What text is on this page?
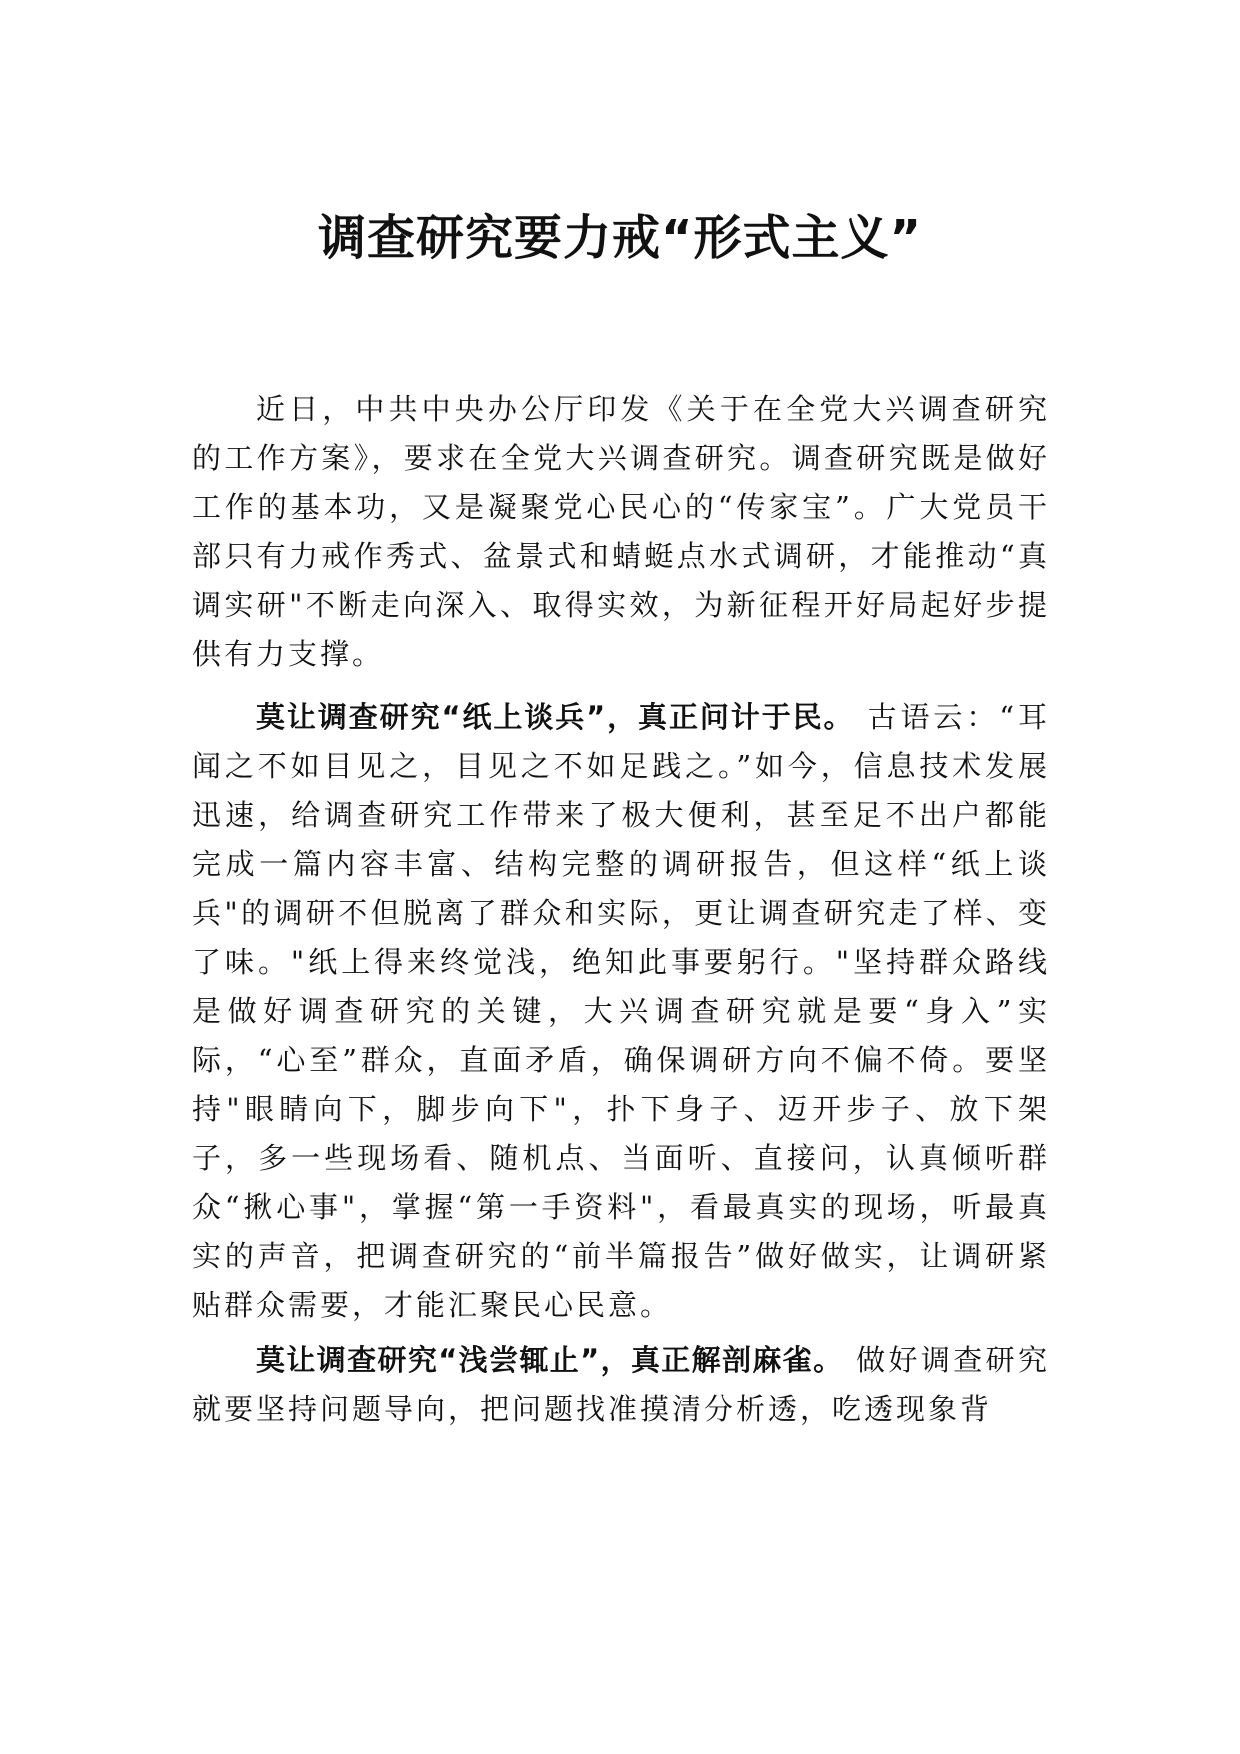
调查研究要力戒“形式主义”

近日，中共中央办公厅印发《关于在全党大兴调查研究的工作方案》，要求在全党大兴调查研究。调查研究既是做好工作的基本功，又是凝聚党心民心的“传家宝”。广大党员干部只有力戒作秀式、盆景式和蜻蜓点水式调研，才能推动“真调实研"不断走向深入、取得实效，为新征程开好局起好步提供有力支撑。

莫让调查研究“纸上谈兵”，真正问计于民。 古语云：“耳闻之不如目见之，目见之不如足践之。”如今，信息技术发展迅速，给调查研究工作带来了极大便利，甚至足不出户都能完成一篇内容丰富、结构完整的调研报告，但这样“纸上谈兵"的调研不但脱离了群众和实际，更让调查研究走了样、变了味。"纸上得来终觉浅，绝知此事要躬行。"坚持群众路线是做好调查研究的关键，大兴调查研究就是要“身入”实际，“心至”群众，直面矛盾，确保调研方向不偏不倚。要坚持"眼睛向下，脚步向下"，扑下身子、迈开步子、放下架子，多一些现场看、随机点、当面听、直接问，认真倾听群众“揪心事"，掌握“第一手资料"，看最真实的现场，听最真实的声音，把调查研究的“前半篇报告”做好做实，让调研紧贴群众需要，才能汇聚民心民意。

莫让调查研究“浅尝辄止”，真正解剖麻雀。 做好调查研究就要坚持问题导向，把问题找准摸清分析透，吃透现象背
